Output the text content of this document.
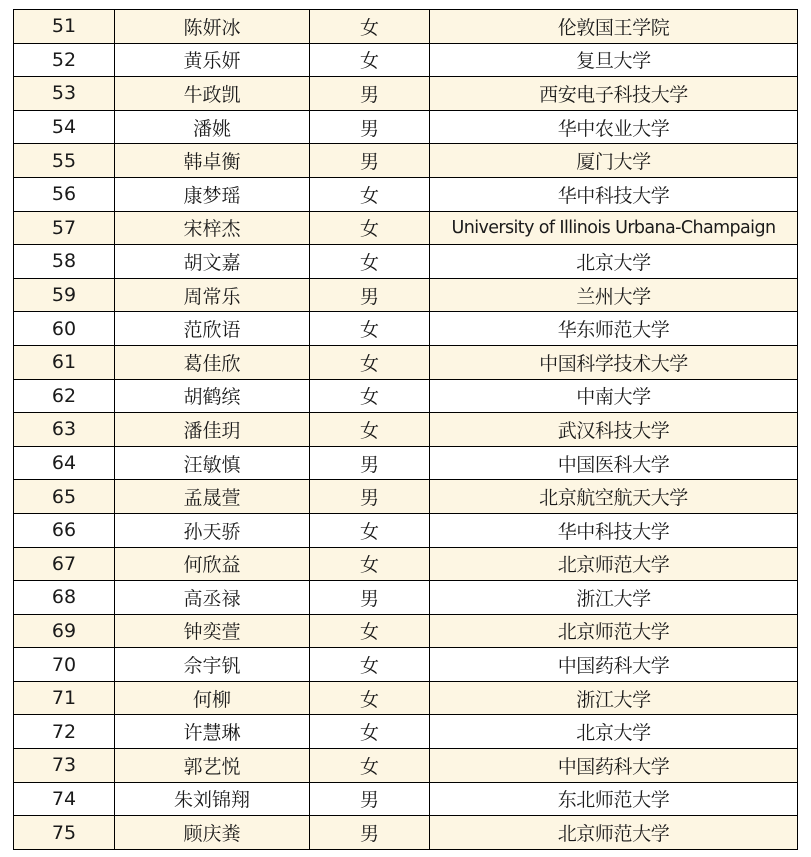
51	陈妍冰	女	伦敦国王学院
52	黄乐妍	女	复旦大学
53	牛政凯	男	西安电子科技大学
54	潘姚	男	华中农业大学
55	韩卓衡	男	厦门大学
56	康梦瑶	女	华中科技大学
57	宋梓杰	女	University of Illinois Urbana-Champaign
58	胡文嘉	女	北京大学
59	周常乐	男	兰州大学
60	范欣语	女	华东师范大学
61	葛佳欣	女	中国科学技术大学
62	胡鹤缤	女	中南大学
63	潘佳玥	女	武汉科技大学
64	汪敏慎	男	中国医科大学
65	孟晟萱	男	北京航空航天大学
66	孙天骄	女	华中科技大学
67	何欣益	女	北京师范大学
68	高丞禄	男	浙江大学
69	钟奕萱	女	北京师范大学
70	佘宇钒	女	中国药科大学
71	何柳	女	浙江大学
72	许慧琳	女	北京大学
73	郭艺悦	女	中国药科大学
74	朱刘锦翔	男	东北师范大学
75	顾庆粪	男	北京师范大学
